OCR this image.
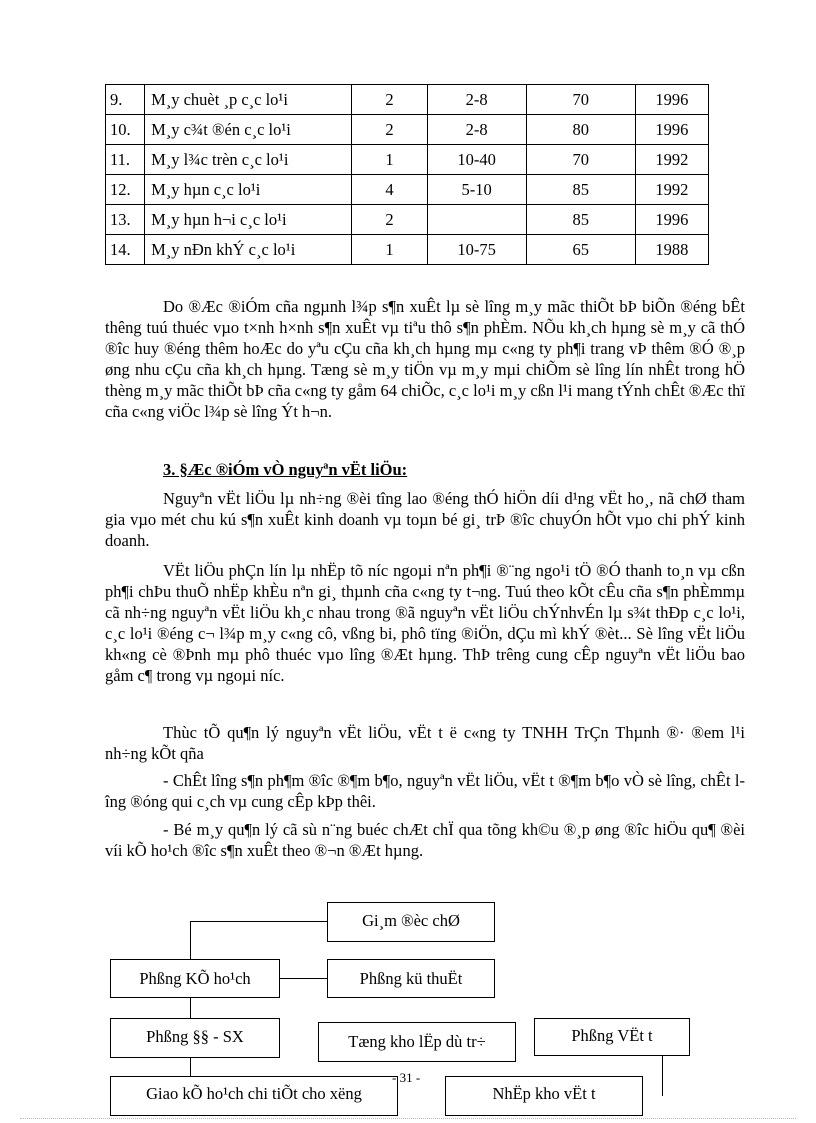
9.	M¸y chuèt ¸p c¸c lo¹i	2	2-8	70	1996
10.	M¸y c¾t ®én c¸c lo¹i	2	2-8	80	1996
11.	M¸y l¾c trèn c¸c lo¹i	1	10-40	70	1992
12.	M¸y hµn c¸c lo¹i	4	5-10	85	1992
13.	M¸y hµn h¬i c¸c lo¹i	2		85	1996
14.	M¸y nÐn khÝ c¸c lo¹i	1	10-75	65	1988

Do ®Æc ®iÓm cña ngµnh l¾p s¶n xuÊt lµ sè lîng m¸y mãc thiÕt bÞ biÕn ®éng bÊt thêng tuú thuéc vµo t×nh h×nh s¶n xuÊt vµ tiªu thô s¶n phÈm. NÕu kh¸ch hµng sè m¸y cã thÓ ®îc huy ®éng thêm hoÆc do yªu cÇu cña kh¸ch hµng mµ c«ng ty ph¶i trang vÞ thêm ®Ó ®¸p øng nhu cÇu cña kh¸ch hµng. Tæng sè m¸y tiÖn vµ m¸y mµi chiÕm sè lîng lín nhÊt trong hÖ thèng m¸y mãc thiÕt bÞ cña c«ng ty gåm 64 chiÕc, c¸c lo¹i m¸y cßn l¹i mang tÝnh chÊt ®Æc thï cña c«ng viÖc l¾p sè lîng Ýt h¬n.

3. §Æc ®iÓm vÒ nguyªn vËt liÖu:

Nguyªn vËt liÖu lµ nh÷ng ®èi tîng lao ®éng thÓ hiÖn díi d¹ng vËt ho¸, nã chØ tham gia vµo mét chu kú s¶n xuÊt kinh doanh vµ toµn bé gi¸ trÞ ®îc chuyÓn hÕt vµo chi phÝ kinh doanh.

VËt liÖu phÇn lín lµ nhËp tõ níc ngoµi nªn ph¶i ®¨ng ngo¹i tÖ ®Ó thanh to¸n vµ cßn ph¶i chÞu thuÕ nhËp khÈu nªn gi¸ thµnh cña c«ng ty t¬ng. Tuú theo kÕt cÊu cña s¶n phÈmmµ cã nh÷ng nguyªn vËt liÖu kh¸c nhau trong ®ã nguyªn vËt liÖu chÝnhvÉn lµ s¾t thÐp c¸c lo¹i, c¸c lo¹i ®éng c¬ l¾p m¸y c«ng cô, vßng bi, phô tïng ®iÖn, dÇu mì khÝ ®èt... Sè lîng vËt liÖu kh«ng cè ®Þnh mµ phô thuéc vµo lîng ®Æt hµng. ThÞ trêng cung cÊp nguyªn vËt liÖu bao gåm c¶ trong vµ ngoµi níc.

Thùc tÕ qu¶n lý nguyªn vËt liÖu, vËt t ë c«ng ty TNHH TrÇn Thµnh ®· ®em l¹i nh÷ng kÕt qña

- ChÊt lîng s¶n ph¶m ®îc ®¶m b¶o, nguyªn vËt liÖu, vËt t ®¶m b¶o vÒ sè lîng, chÊt lîng ®óng qui c¸ch vµ cung cÊp kÞp thêi.

- Bé m¸y qu¶n lý cã sù n¨ng buéc chÆt chÏ qua tõng kh©u ®¸p øng ®îc hiÖu qu¶ ®èi víi kÕ ho¹ch ®îc s¶n xuÊt theo ®¬n ®Æt hµng.

Gi¸m ®èc chØ
Phßng KÕ ho¹ch	Phßng kü thuËt
Phßng §§ - SX	Tæng kho lËp dù tr÷	Phßng VËt t
Giao kÕ ho¹ch chi tiÕt cho xëng	NhËp kho vËt t
- 31 -
